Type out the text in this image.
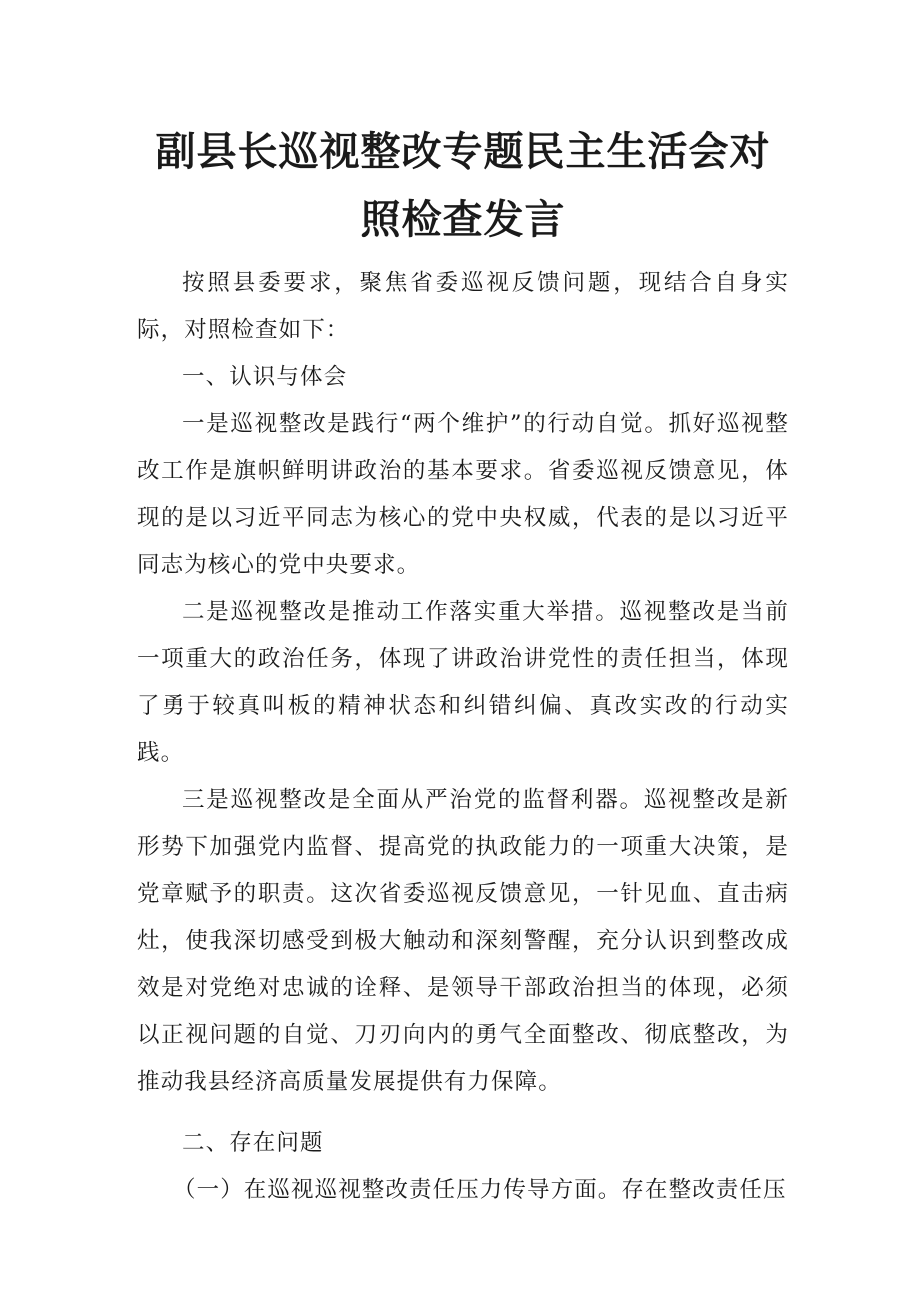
副县长巡视整改专题民主生活会对
照检查发言

按照县委要求，聚焦省委巡视反馈问题，现结合自身实际，对照检查如下：

一、认识与体会

一是巡视整改是践行“两个维护”的行动自觉。抓好巡视整改工作是旗帜鲜明讲政治的基本要求。省委巡视反馈意见，体现的是以习近平同志为核心的党中央权威，代表的是以习近平同志为核心的党中央要求。

二是巡视整改是推动工作落实重大举措。巡视整改是当前一项重大的政治任务，体现了讲政治讲党性的责任担当，体现了勇于较真叫板的精神状态和纠错纠偏、真改实改的行动实践。

三是巡视整改是全面从严治党的监督利器。巡视整改是新形势下加强党内监督、提高党的执政能力的一项重大决策，是党章赋予的职责。这次省委巡视反馈意见，一针见血、直击病灶，使我深切感受到极大触动和深刻警醒，充分认识到整改成效是对党绝对忠诚的诠释、是领导干部政治担当的体现，必须以正视问题的自觉、刀刃向内的勇气全面整改、彻底整改，为推动我县经济高质量发展提供有力保障。

二、存在问题

（一）在巡视巡视整改责任压力传导方面。存在整改责任压
